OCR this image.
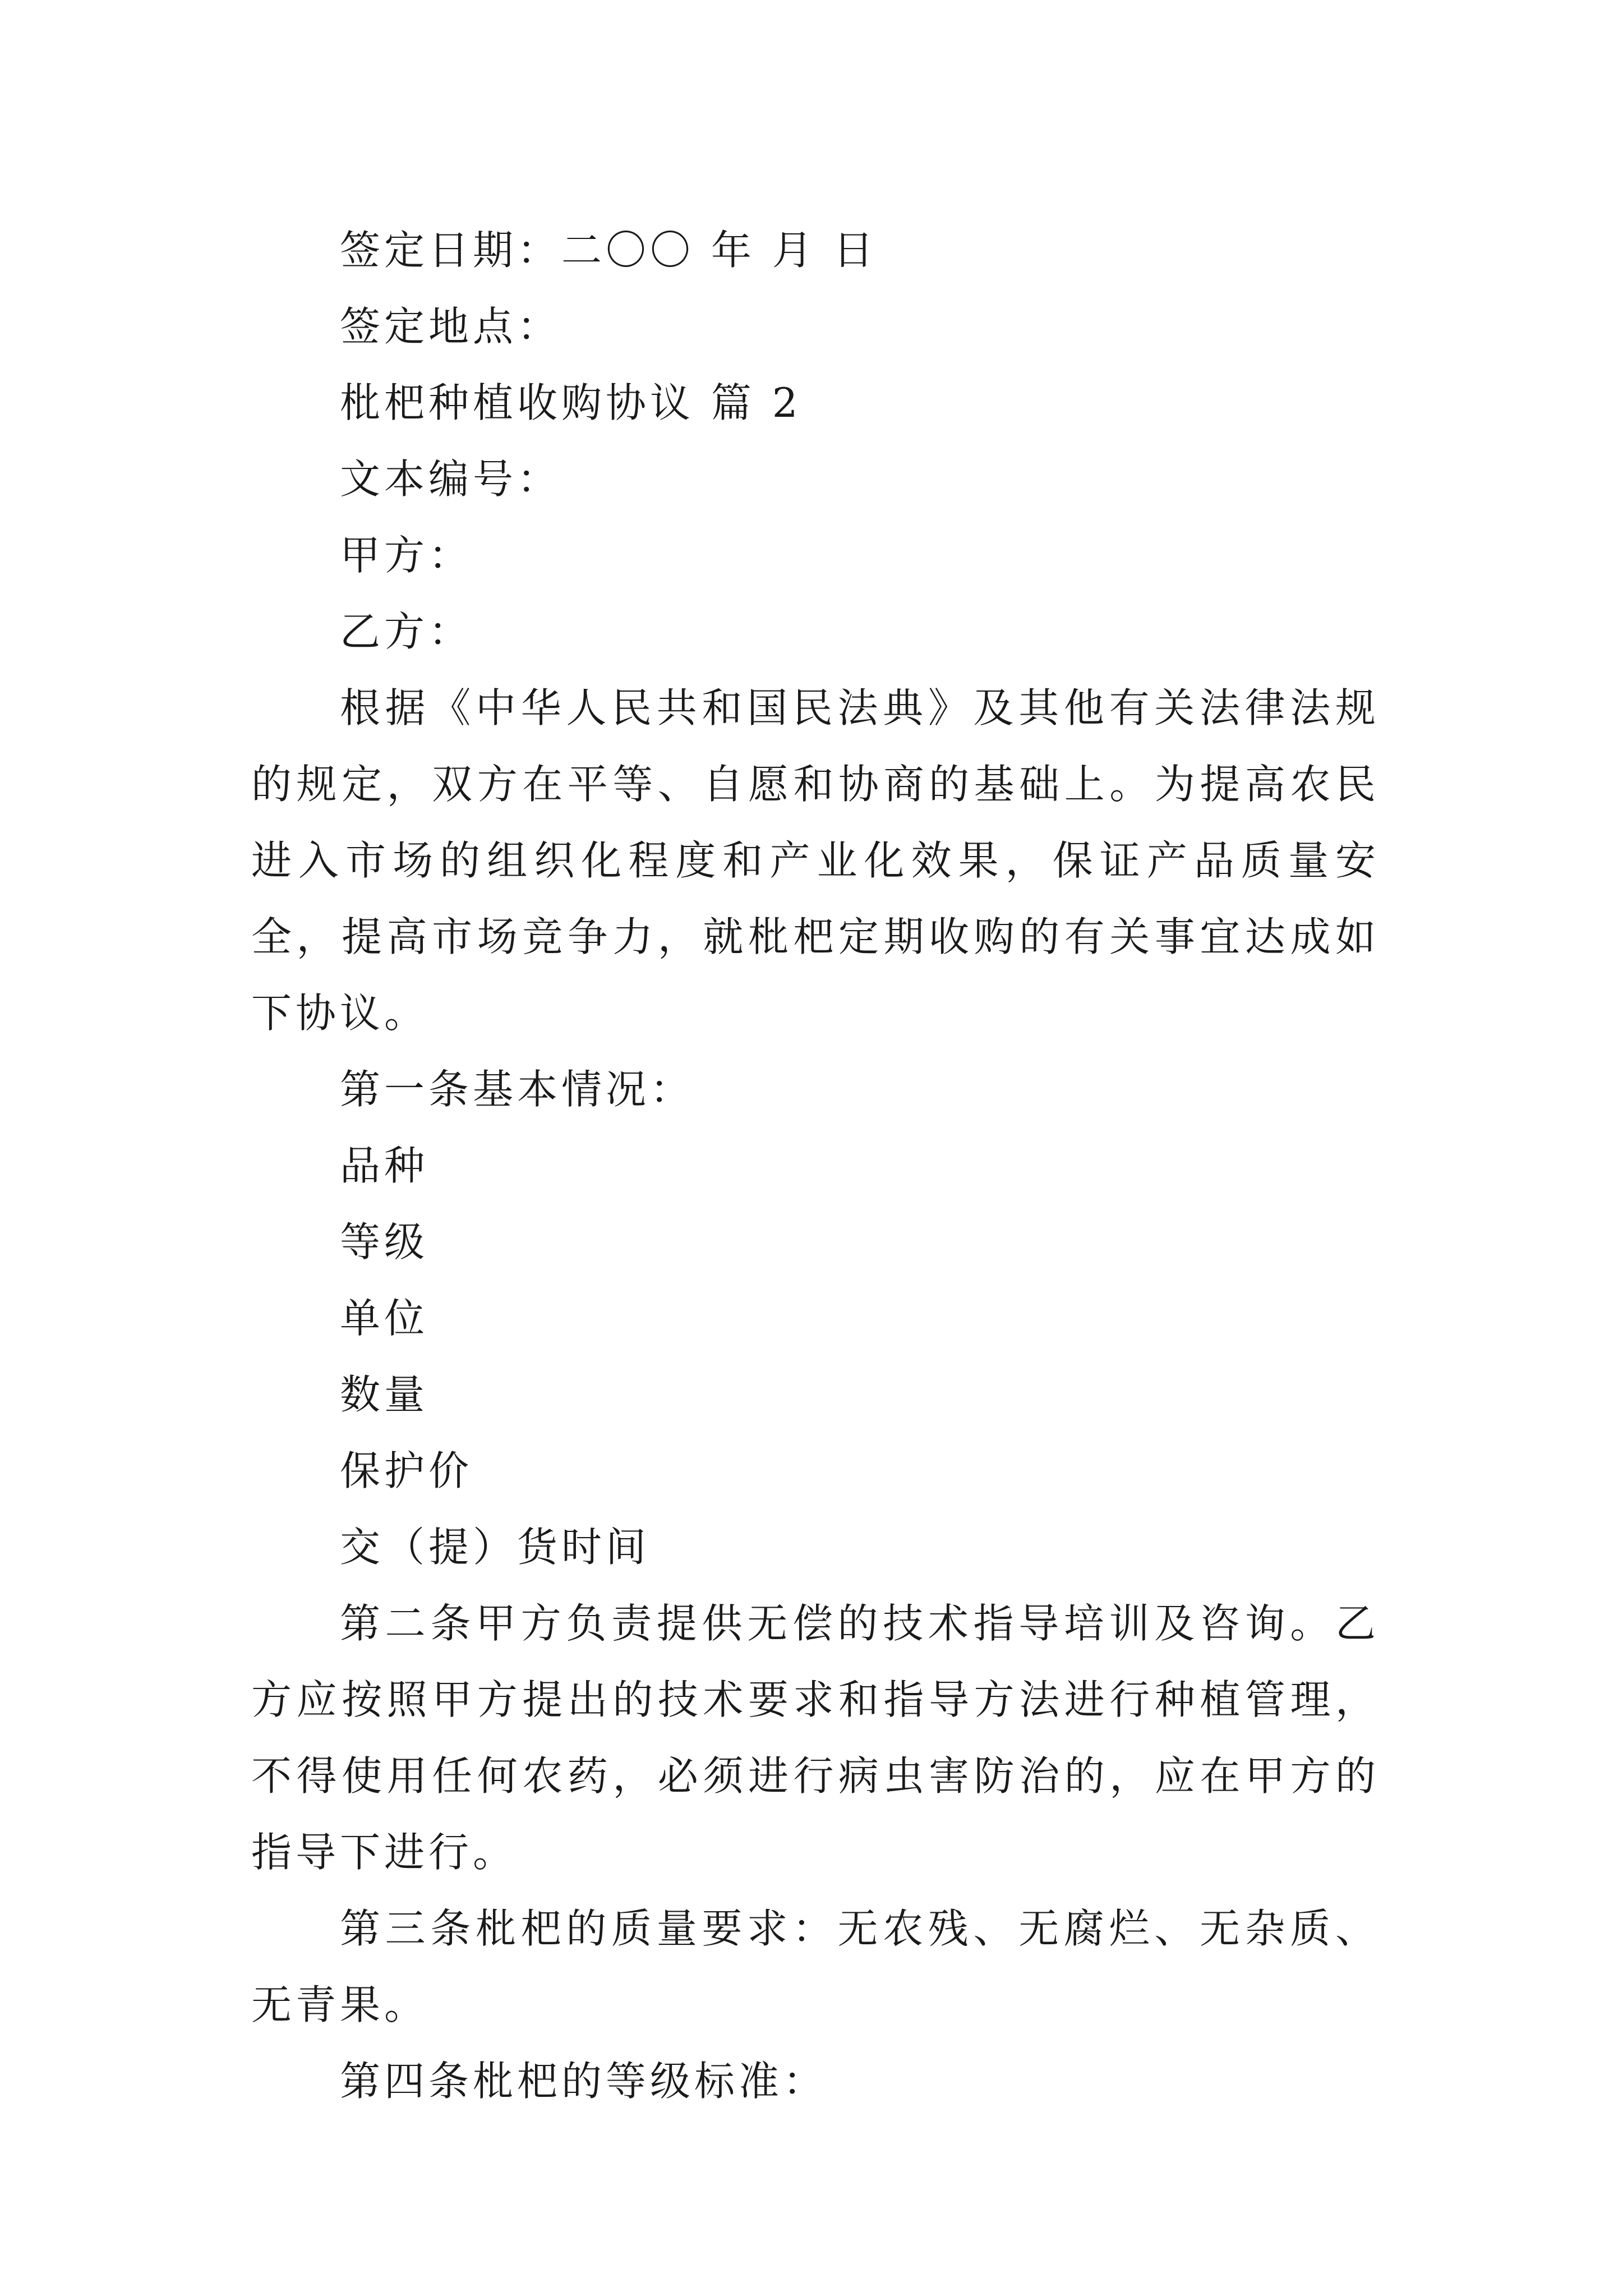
签定日期：二〇〇 年 月 日
签定地点：
枇杷种植收购协议 篇 2
文本编号：
甲方：
乙方：
根据《中华人民共和国民法典》及其他有关法律法规的规定，双方在平等、自愿和协商的基础上。为提高农民进入市场的组织化程度和产业化效果，保证产品质量安全，提高市场竞争力，就枇杷定期收购的有关事宜达成如下协议。
第一条基本情况：
品种
等级
单位
数量
保护价
交（提）货时间
第二条甲方负责提供无偿的技术指导培训及咨询。乙方应按照甲方提出的技术要求和指导方法进行种植管理，不得使用任何农药，必须进行病虫害防治的，应在甲方的指导下进行。
第三条枇杷的质量要求：无农残、无腐烂、无杂质、无青果。
第四条枇杷的等级标准：
